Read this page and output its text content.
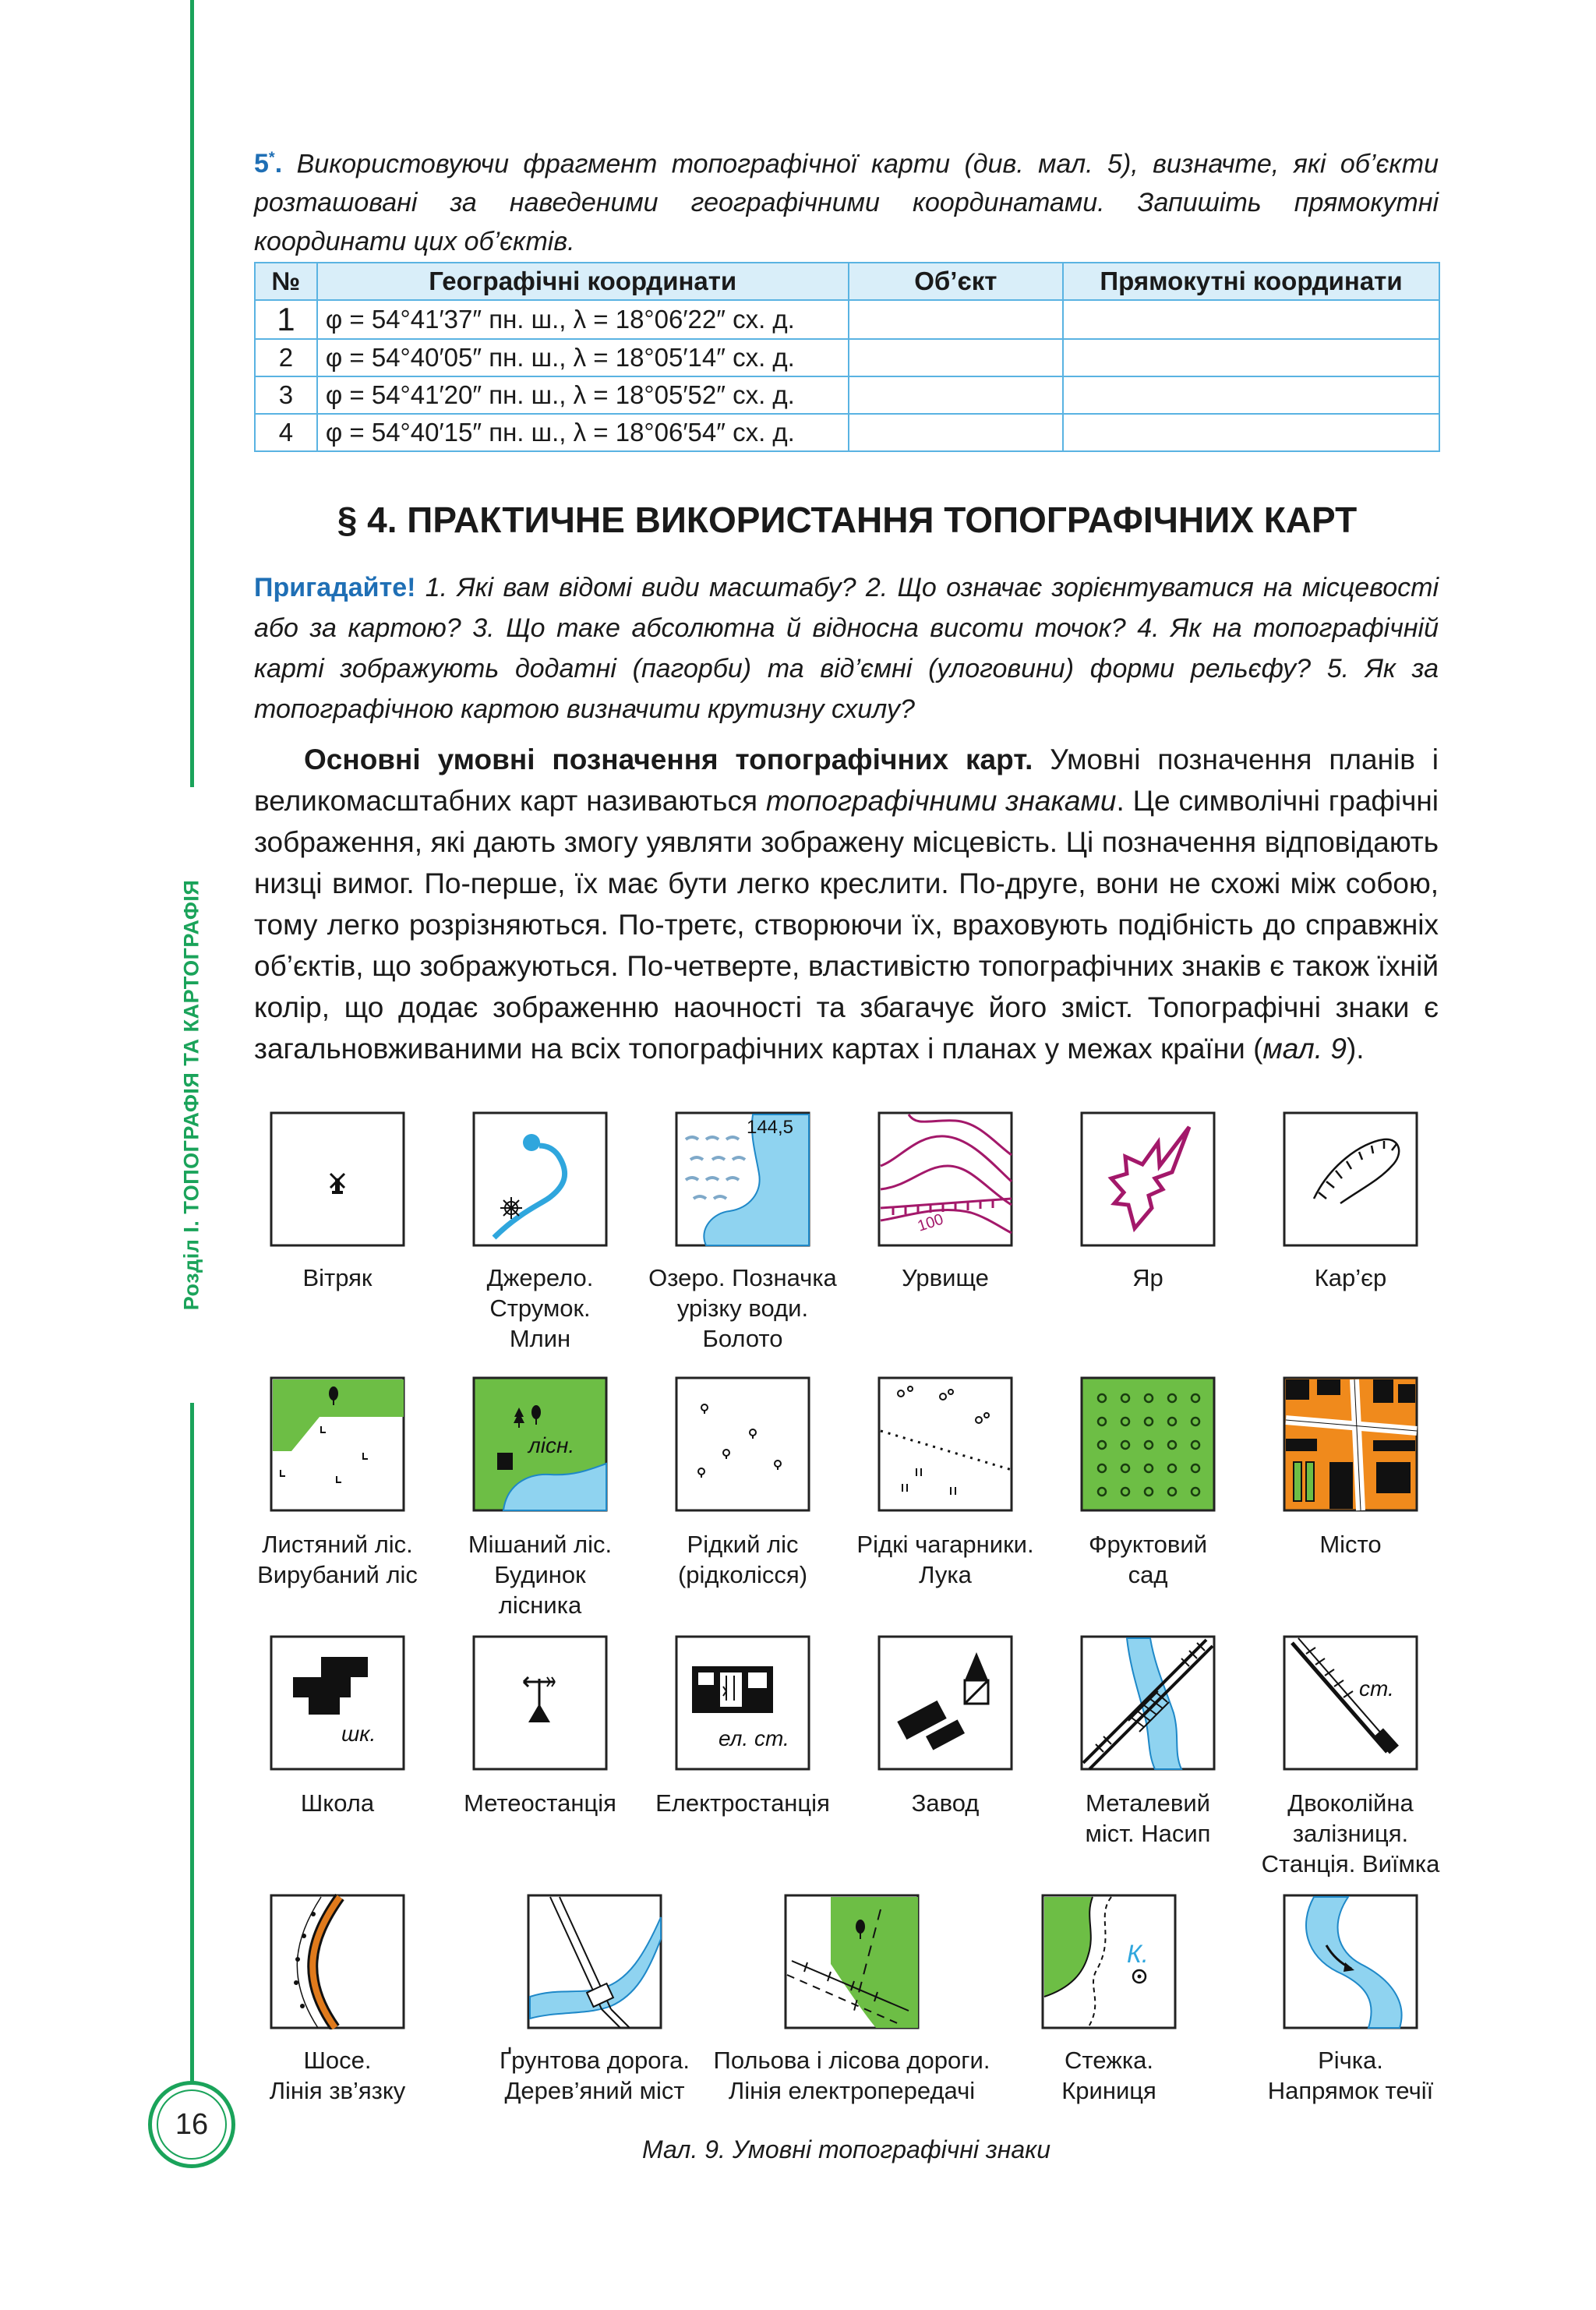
Розділ І. ТОПОГРАФІЯ ТА КАРТОГРАФІЯ
16
5*. Використовуючи фрагмент топографічної карти (див. мал. 5), визначте, які об’єкти розташовані за наведеними географічними координатами. Запишіть прямокутні координати цих об’єктів.
№	Географічні координати	Об’єкт	Прямокутні координати
1	φ = 54°41′37″ пн. ш., λ = 18°06′22″ сх. д.		
2	φ = 54°40′05″ пн. ш., λ = 18°05′14″ сх. д.		
3	φ = 54°41′20″ пн. ш., λ = 18°05′52″ сх. д.		
4	φ = 54°40′15″ пн. ш., λ = 18°06′54″ сх. д.		
§ 4. ПРАКТИЧНЕ ВИКОРИСТАННЯ ТОПОГРАФІЧНИХ КАРТ
Пригадайте! 1. Які вам відомі види масштабу? 2. Що означає зорієнтуватися на місцевості або за картою? 3. Що таке абсолютна й відносна висоти точок? 4. Як на топографічній карті зображують додатні (пагорби) та від’ємні (улоговини) форми рельєфу? 5. Як за топографічною картою визначити крутизну схилу?
Основні умовні позначення топографічних карт. Умовні позначення планів і великомасштабних карт називаються топографічними знаками. Це символічні графічні зображення, які дають змогу уявляти зображену місцевість. Ці позначення відповідають низці вимог. По-перше, їх має бути легко креслити. По-друге, вони не схожі між собою, тому легко розрізняються. По-третє, створюючи їх, враховують подібність до справжніх об’єктів, що зображуються. По-четверте, властивістю топографічних знаків є також їхній колір, що додає зображенню наочності та збагачує його зміст. Топографічні знаки є загальновживаними на всіх топографічних картах і планах у межах країни (мал. 9).
144,5
100
Вітряк	Джерело.
Струмок.
Млин
Озеро. Позначка
урізку води.
Болото
Урвище	Яр	Кар’єр
лісн.
Листяний ліс.
Вирубаний ліс
Мішаний ліс.
Будинок
лісника
Рідкий ліс
(рідколісся)
Рідкі чагарники.
Лука
Фруктовий
сад
Місто
шк.	ел. ст.
ст.
Школа	Метеостанція	Електростанція	Завод	Металевий
міст. Насип
Двоколійна
залізниця.
Станція. Виїмка
К.
Шосе.
Лінія зв’язку
Ґрунтова дорога.
Дерев’яний міст
Польова і лісова дороги.
Лінія електропередачі
Стежка.
Криниця
Річка.
Напрямок течії
Мал. 9. Умовні топографічні знаки
